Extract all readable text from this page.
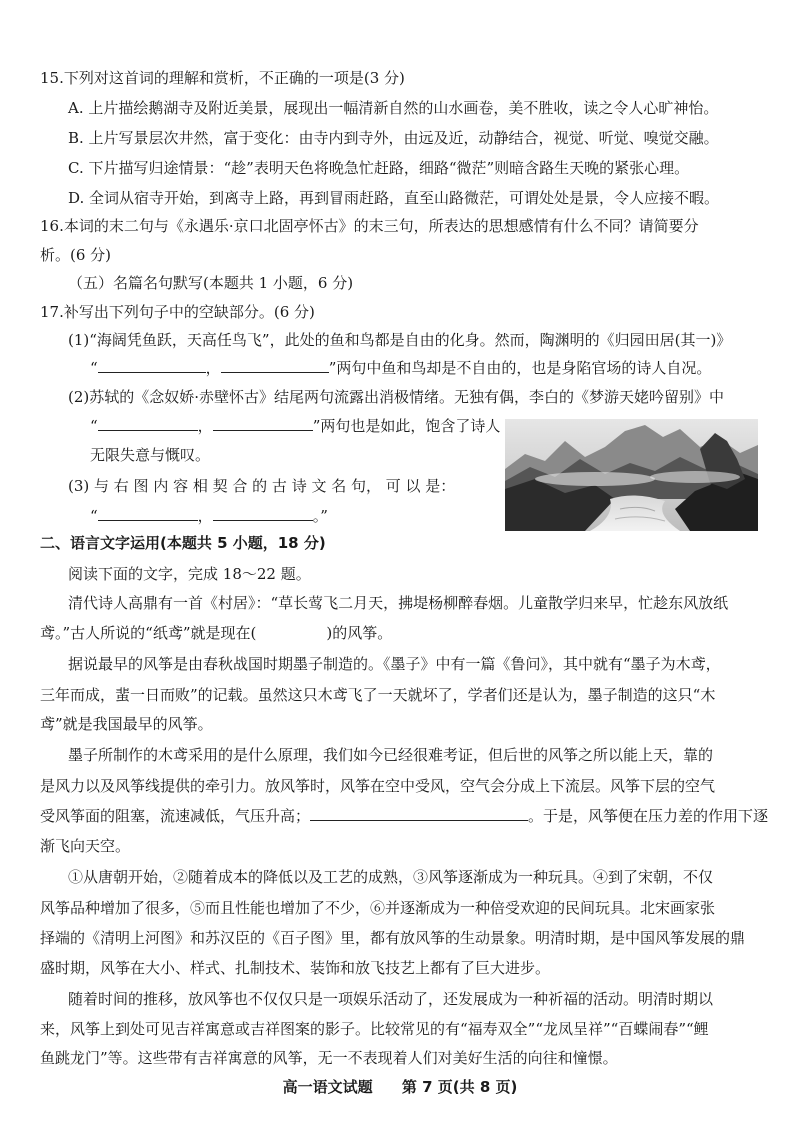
15.下列对这首词的理解和赏析，不正确的一项是(3 分)
A. 上片描绘鹅湖寺及附近美景，展现出一幅清新自然的山水画卷，美不胜收，读之令人心旷神怡。
B. 上片写景层次井然，富于变化：由寺内到寺外，由远及近，动静结合，视觉、听觉、嗅觉交融。
C. 下片描写归途情景：“趁”表明天色将晚急忙赶路，细路“微茫”则暗含路生天晚的紧张心理。
D. 全词从宿寺开始，到离寺上路，再到冒雨赶路，直至山路微茫，可谓处处是景，令人应接不暇。
16.本词的末二句与《永遇乐·京口北固亭怀古》的末三句，所表达的思想感情有什么不同？请简要分
析。(6 分)
（五）名篇名句默写(本题共 1 小题，6 分)
17.补写出下列句子中的空缺部分。(6 分)
(1)“海阔凭鱼跃，天高任鸟飞”，此处的鱼和鸟都是自由的化身。然而，陶渊明的《归园田居(其一)》
“	，	”两句中鱼和鸟却是不自由的，也是身陷官场的诗人自况。
(2)苏轼的《念奴娇·赤壁怀古》结尾两句流露出消极情绪。无独有偶，李白的《梦游天姥吟留别》中
“	，	”两句也是如此，饱含了诗人
无限失意与慨叹。
(3) 与 右 图 内 容 相 契 合 的 古 诗 文 名 句， 可 以 是：
“	，	。”
二、语言文字运用(本题共 5 小题，18 分)
阅读下面的文字，完成 18～22 题。
清代诗人高鼎有一首《村居》：“草长莺飞二月天，拂堤杨柳醉春烟。儿童散学归来早，忙趁东风放纸
鸢。”古人所说的“纸鸢”就是现在(	)的风筝。
据说最早的风筝是由春秋战国时期墨子制造的。《墨子》中有一篇《鲁问》，其中就有“墨子为木鸢，
三年而成，蜚一日而败”的记载。虽然这只木鸢飞了一天就坏了，学者们还是认为，墨子制造的这只“木
鸢”就是我国最早的风筝。
墨子所制作的木鸢采用的是什么原理，我们如今已经很难考证，但后世的风筝之所以能上天，靠的
是风力以及风筝线提供的牵引力。放风筝时，风筝在空中受风，空气会分成上下流层。风筝下层的空气
受风筝面的阻塞，流速减低，气压升高；	。于是，风筝便在压力差的作用下逐
渐飞向天空。
①从唐朝开始，②随着成本的降低以及工艺的成熟，③风筝逐渐成为一种玩具。④到了宋朝，不仅
风筝品种增加了很多，⑤而且性能也增加了不少，⑥并逐渐成为一种倍受欢迎的民间玩具。北宋画家张
择端的《清明上河图》和苏汉臣的《百子图》里，都有放风筝的生动景象。明清时期，是中国风筝发展的鼎
盛时期，风筝在大小、样式、扎制技术、装饰和放飞技艺上都有了巨大进步。
随着时间的推移，放风筝也不仅仅只是一项娱乐活动了，还发展成为一种祈福的活动。明清时期以
来，风筝上到处可见吉祥寓意或吉祥图案的影子。比较常见的有“福寿双全”“龙凤呈祥”“百蝶闹春”“鲤
鱼跳龙门”等。这些带有吉祥寓意的风筝，无一不表现着人们对美好生活的向往和憧憬。
高一语文试题 第 7 页(共 8 页)
